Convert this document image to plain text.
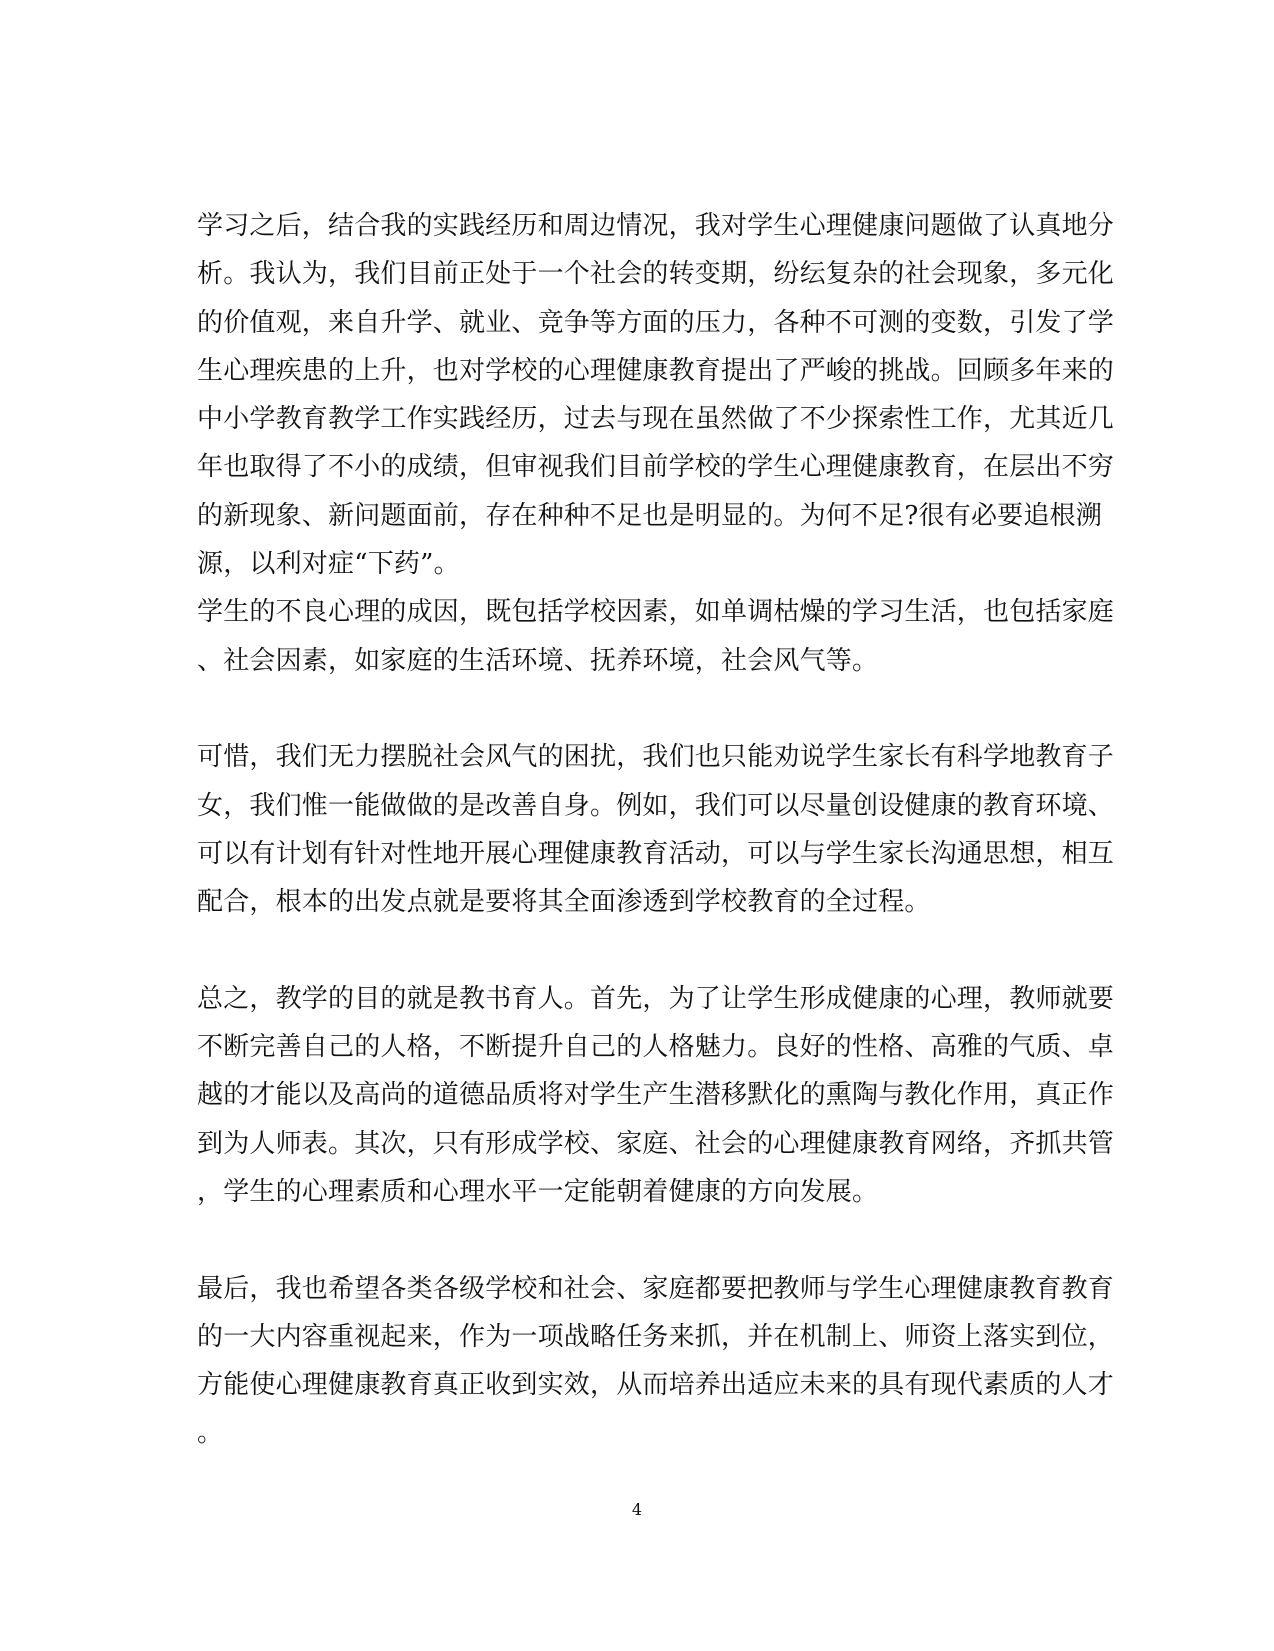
学习之后，结合我的实践经历和周边情况，我对学生心理健康问题做了认真地分
析。我认为，我们目前正处于一个社会的转变期，纷纭复杂的社会现象，多元化
的价值观，来自升学、就业、竞争等方面的压力，各种不可测的变数，引发了学
生心理疾患的上升，也对学校的心理健康教育提出了严峻的挑战。回顾多年来的
中小学教育教学工作实践经历，过去与现在虽然做了不少探索性工作，尤其近几
年也取得了不小的成绩，但审视我们目前学校的学生心理健康教育，在层出不穷
的新现象、新问题面前，存在种种不足也是明显的。为何不足?很有必要追根溯
源，以利对症“下药”。
学生的不良心理的成因，既包括学校因素，如单调枯燥的学习生活，也包括家庭
、社会因素，如家庭的生活环境、抚养环境，社会风气等。
可惜，我们无力摆脱社会风气的困扰，我们也只能劝说学生家长有科学地教育子
女，我们惟一能做做的是改善自身。例如，我们可以尽量创设健康的教育环境、
可以有计划有针对性地开展心理健康教育活动，可以与学生家长沟通思想，相互
配合，根本的出发点就是要将其全面渗透到学校教育的全过程。
总之，教学的目的就是教书育人。首先，为了让学生形成健康的心理，教师就要
不断完善自己的人格，不断提升自己的人格魅力。良好的性格、高雅的气质、卓
越的才能以及高尚的道德品质将对学生产生潜移默化的熏陶与教化作用，真正作
到为人师表。其次，只有形成学校、家庭、社会的心理健康教育网络，齐抓共管
，学生的心理素质和心理水平一定能朝着健康的方向发展。
最后，我也希望各类各级学校和社会、家庭都要把教师与学生心理健康教育教育
的一大内容重视起来，作为一项战略任务来抓，并在机制上、师资上落实到位，
方能使心理健康教育真正收到实效，从而培养出适应未来的具有现代素质的人才
。
4
